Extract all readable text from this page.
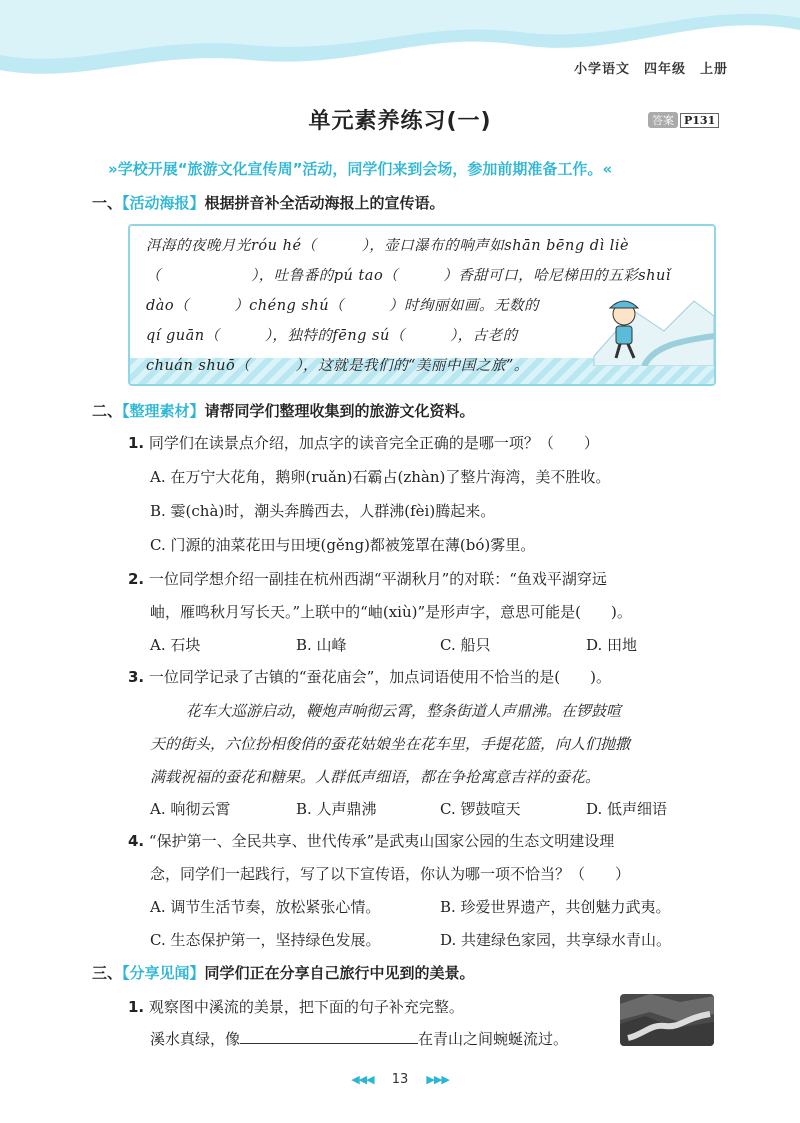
小学语文 四年级 上册
单元素养练习(一)	答案 P131
»学校开展“旅游文化宣传周”活动，同学们来到会场，参加前期准备工作。«
一、【活动海报】根据拼音补全活动海报上的宣传语。
洱海的夜晚月光róu hé（　　　），壶口瀑布的响声如shān bēng dì liè
（　　　　　　），吐鲁番的pú tao（　　　）香甜可口，哈尼梯田的五彩shuǐ
dào（　　　）chéng shú（　　　）时绚丽如画。无数的
qí guān（　　　），独特的fēng sú（　　　），古老的
chuán shuō（　　　），这就是我们的“美丽中国之旅”。
二、【整理素材】请帮同学们整理收集到的旅游文化资料。
1. 同学们在读景点介绍，加点字的读音完全正确的是哪一项？（　　）
A. 在万宁大花角，鹅卵(ruǎn)石霸占(zhàn)了整片海湾，美不胜收。
B. 霎(chà)时，潮头奔腾西去，人群沸(fèi)腾起来。
C. 门源的油菜花田与田埂(gěng)都被笼罩在薄(bó)雾里。
2. 一位同学想介绍一副挂在杭州西湖“平湖秋月”的对联：“鱼戏平湖穿远
岫，雁鸣秋月写长天。”上联中的“岫(xiù)”是形声字，意思可能是(　　)。
A. 石块	B. 山峰	C. 船只	D. 田地
3. 一位同学记录了古镇的“蚕花庙会”，加点词语使用不恰当的是(　　)。
花车大巡游启动，鞭炮声响彻云霄，整条街道人声鼎沸。在锣鼓喧
天的街头，六位扮相俊俏的蚕花姑娘坐在花车里，手提花篮，向人们抛撒
满载祝福的蚕花和糖果。人群低声细语，都在争抢寓意吉祥的蚕花。
A. 响彻云霄	B. 人声鼎沸	C. 锣鼓喧天	D. 低声细语
4. “保护第一、全民共享、世代传承”是武夷山国家公园的生态文明建设理
念，同学们一起践行，写了以下宣传语，你认为哪一项不恰当？（　　）
A. 调节生活节奏，放松紧张心情。	B. 珍爱世界遗产，共创魅力武夷。
C. 生态保护第一，坚持绿色发展。	D. 共建绿色家园，共享绿水青山。
三、【分享见闻】同学们正在分享自己旅行中见到的美景。
1. 观察图中溪流的美景，把下面的句子补充完整。
溪水真绿，像	在青山之间蜿蜒流过。
◀◀◀ 13 ▶▶▶
